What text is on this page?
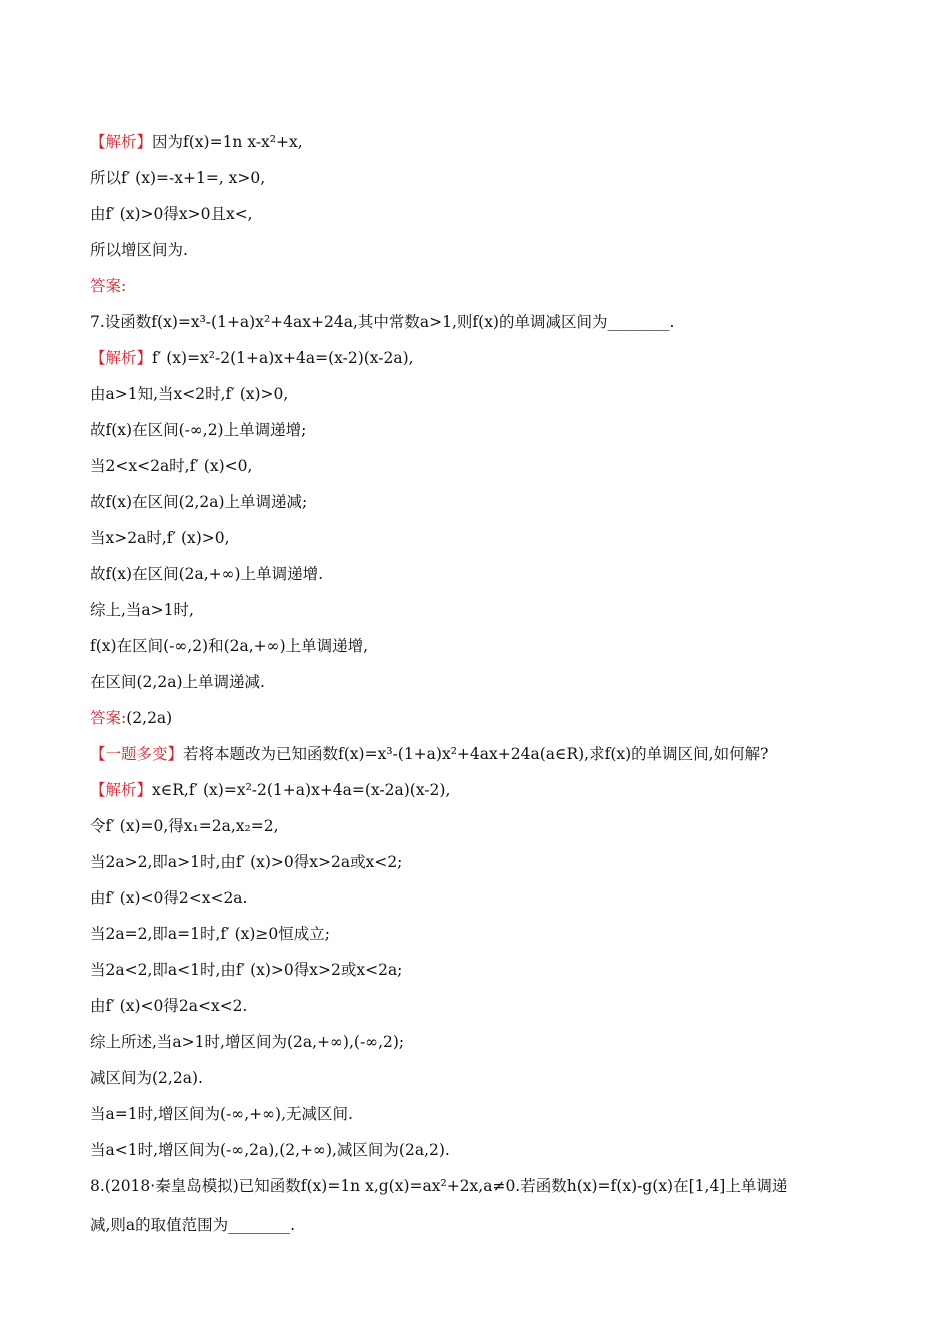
【解析】因为f(x)=1n x-x²+x,
所以f′ (x)=-x+1=, x>0,
由f′ (x)>0得x>0且x<,
所以增区间为.
答案:
7.设函数f(x)=x³-(1+a)x²+4ax+24a,其中常数a>1,则f(x)的单调减区间为________.
【解析】f′ (x)=x²-2(1+a)x+4a=(x-2)(x-2a),
由a>1知,当x<2时,f′ (x)>0,
故f(x)在区间(-∞,2)上单调递增;
当2<x<2a时,f′ (x)<0,
故f(x)在区间(2,2a)上单调递减;
当x>2a时,f′ (x)>0,
故f(x)在区间(2a,+∞)上单调递增.
综上,当a>1时,
f(x)在区间(-∞,2)和(2a,+∞)上单调递增,
在区间(2,2a)上单调递减.
答案:(2,2a)
【一题多变】若将本题改为已知函数f(x)=x³-(1+a)x²+4ax+24a(a∈R),求f(x)的单调区间,如何解?
【解析】x∈R,f′ (x)=x²-2(1+a)x+4a=(x-2a)(x-2),
令f′ (x)=0,得x₁=2a,x₂=2,
当2a>2,即a>1时,由f′ (x)>0得x>2a或x<2;
由f′ (x)<0得2<x<2a.
当2a=2,即a=1时,f′ (x)≥0恒成立;
当2a<2,即a<1时,由f′ (x)>0得x>2或x<2a;
由f′ (x)<0得2a<x<2.
综上所述,当a>1时,增区间为(2a,+∞),(-∞,2);
减区间为(2,2a).
当a=1时,增区间为(-∞,+∞),无减区间.
当a<1时,增区间为(-∞,2a),(2,+∞),减区间为(2a,2).
8.(2018·秦皇岛模拟)已知函数f(x)=1n x,g(x)=ax²+2x,a≠0.若函数h(x)=f(x)-g(x)在[1,4]上单调递
减,则a的取值范围为________.
